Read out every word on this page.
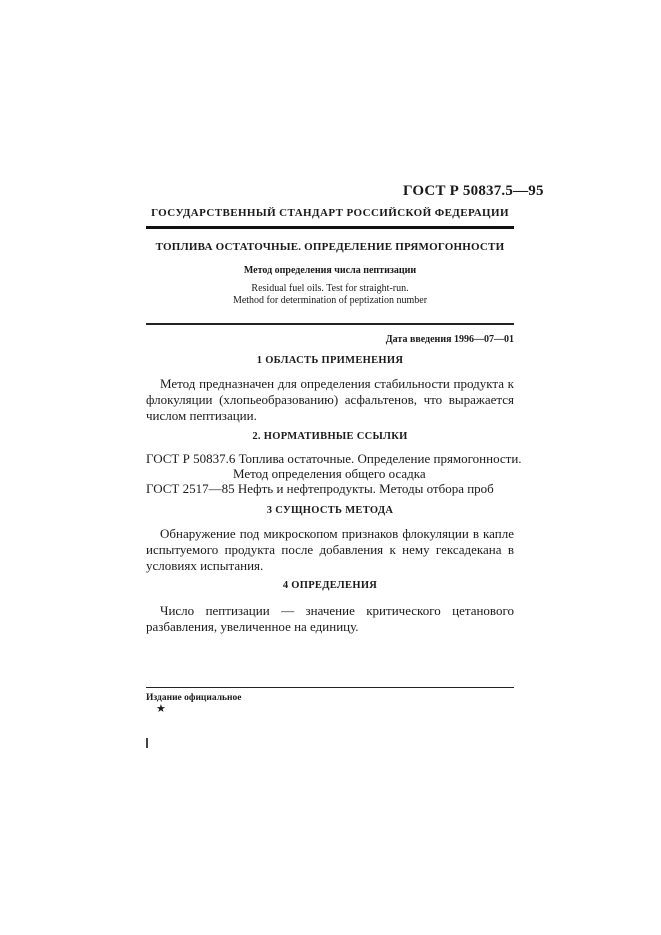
ГОСТ Р 50837.5—95
ГОСУДАРСТВЕННЫЙ СТАНДАРТ РОССИЙСКОЙ ФЕДЕРАЦИИ
ТОПЛИВА ОСТАТОЧНЫЕ. ОПРЕДЕЛЕНИЕ ПРЯМОГОННОСТИ
Метод определения числа пептизации
Residual fuel oils. Test for straight-run.
Method for determination of peptization number
Дата введения 1996—07—01
1 ОБЛАСТЬ ПРИМЕНЕНИЯ
Метод предназначен для определения стабильности продукта к флокуляции (хлопьеобразованию) асфальтенов, что выражается числом пептизации.
2. НОРМАТИВНЫЕ ССЫЛКИ
ГОСТ Р 50837.6 Топлива остаточные. Определение прямогонности.
Метод определения общего осадка
ГОСТ 2517—85 Нефть и нефтепродукты. Методы отбора проб
3 СУЩНОСТЬ МЕТОДА
Обнаружение под микроскопом признаков флокуляции в капле испытуемого продукта после добавления к нему гексадекана в условиях испытания.
4 ОПРЕДЕЛЕНИЯ
Число пептизации — значение критического цетанового разбавления, увеличенное на единицу.
Издание официальное
★
